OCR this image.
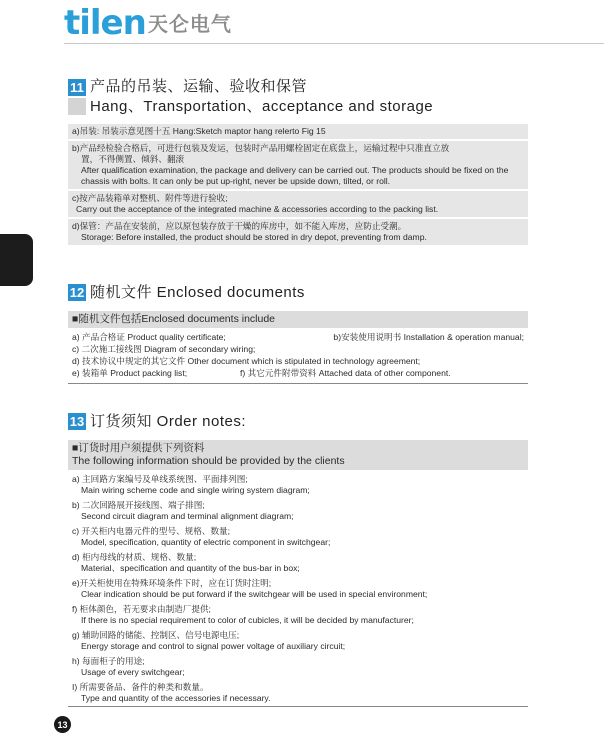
tilen 天仑电气
11 产品的吊装、运输、验收和保管
Hang、Transportation、acceptance and storage
a)吊装: 吊装示意见图十五 Hang:Sketch maptor hang relerto Fig 15
b)产品经检验合格后，可进行包装及发运，包装时产品用螺栓固定在底盘上，运输过程中只准直立放
置，不得侧置、倾斜、翻滚
After qualification examination, the package and delivery can be carried out. The products should be fixed on the chassis with bolts. It can only be put up-right, never be upside down, tilted, or roll.
c)按产品装箱单对整机、附件等进行验收;
Carry out the acceptance of the integrated machine & accessories according to the packing list.
d)保管：产品在安装前，应以原包装存放于干燥的库房中，如不能入库房，应防止受潮。
Storage: Before installed, the product should be stored in dry depot, preventing from damp.
12 随机文件 Enclosed documents
■随机文件包括Enclosed documents include
a) 产品合格证 Product quality certificate;	b)安装使用说明书 Installation & operation manual;
c) 二次施工接线图 Diagram of secondary wiring;
d) 技术协议中规定的其它文件 Other document which is stipulated in technology agreement;
e) 装箱单 Product packing list;	f) 其它元件附带资料 Attached data of other component.
13 订货须知 Order notes:
■订货时用户须提供下列资料
The following information should be provided by the clients
a) 主回路方案编号及单线系统图、平面排列图;
Main wiring scheme code and single wiring system diagram;
b) 二次回路展开接线图、端子排图;
Second circuit diagram and terminal alignment diagram;
c) 开关柜内电器元件的型号、规格、数量;
Model, specification, quantity of electric component in switchgear;
d) 柜内母线的材质、规格、数量;
Material、specification and quantity of the bus-bar in box;
e)开关柜使用在特殊环境条件下时，应在订货时注明;
Clear indication should be put forward if the switchgear will be used in special environment;
f) 柜体颜色，若无要求由制造厂提供;
If there is no special requirement to color of cubicles, it will be decided by manufacturer;
g) 辅助回路的储能、控制区、信号电源电压;
Energy storage and control to signal power voltage of auxiliary circuit;
h) 每面柜子的用途;
Usage of every switchgear;
I) 所需要备品、备件的种类和数量。
Type and quantity of the accessories if necessary.
13
